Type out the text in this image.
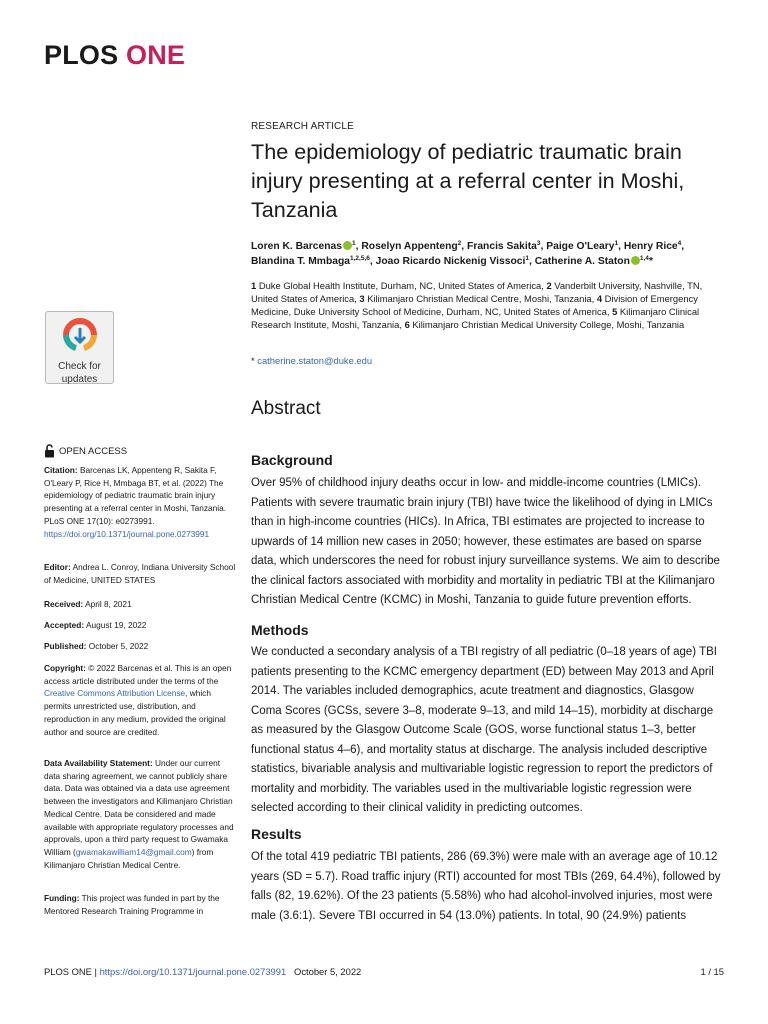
PLOS ONE
Check for
updates
OPEN ACCESS
Citation: Barcenas LK, Appenteng R, Sakita F, O'Leary P, Rice H, Mmbaga BT, et al. (2022) The epidemiology of pediatric traumatic brain injury presenting at a referral center in Moshi, Tanzania. PLoS ONE 17(10): e0273991. https://doi.org/10.1371/journal.pone.0273991
Editor: Andrea L. Conroy, Indiana University School of Medicine, UNITED STATES
Received: April 8, 2021
Accepted: August 19, 2022
Published: October 5, 2022
Copyright: © 2022 Barcenas et al. This is an open access article distributed under the terms of the Creative Commons Attribution License, which permits unrestricted use, distribution, and reproduction in any medium, provided the original author and source are credited.
Data Availability Statement: Under our current data sharing agreement, we cannot publicly share data. Data was obtained via a data use agreement between the investigators and Kilimanjaro Christian Medical Centre. Data be considered and made available with appropriate regulatory processes and approvals, upon a third party request to Gwamaka William (gwamakawilliam14@gmail.com) from Kilimanjaro Christian Medical Centre.
Funding: This project was funded in part by the Mentored Research Training Programme in
RESEARCH ARTICLE
The epidemiology of pediatric traumatic brain injury presenting at a referral center in Moshi, Tanzania
Loren K. Barcenas $^1$, Roselyn Appenteng$^2$, Francis Sakita$^3$, Paige O'Leary$^1$, Henry Rice$^4$, Blandina T. Mmbaga$^{1,2,5,6}$, Joao Ricardo Nickenig Vissoci$^1$, Catherine A. Staton $^{1,4}$*
1 Duke Global Health Institute, Durham, NC, United States of America, 2 Vanderbilt University, Nashville, TN, United States of America, 3 Kilimanjaro Christian Medical Centre, Moshi, Tanzania, 4 Division of Emergency Medicine, Duke University School of Medicine, Durham, NC, United States of America, 5 Kilimanjaro Clinical Research Institute, Moshi, Tanzania, 6 Kilimanjaro Christian Medical University College, Moshi, Tanzania
* catherine.staton@duke.edu
Abstract
Background
Over 95% of childhood injury deaths occur in low- and middle-income countries (LMICs). Patients with severe traumatic brain injury (TBI) have twice the likelihood of dying in LMICs than in high-income countries (HICs). In Africa, TBI estimates are projected to increase to upwards of 14 million new cases in 2050; however, these estimates are based on sparse data, which underscores the need for robust injury surveillance systems. We aim to describe the clinical factors associated with morbidity and mortality in pediatric TBI at the Kilimanjaro Christian Medical Centre (KCMC) in Moshi, Tanzania to guide future prevention efforts.
Methods
We conducted a secondary analysis of a TBI registry of all pediatric (0–18 years of age) TBI patients presenting to the KCMC emergency department (ED) between May 2013 and April 2014. The variables included demographics, acute treatment and diagnostics, Glasgow Coma Scores (GCSs, severe 3–8, moderate 9–13, and mild 14–15), morbidity at discharge as measured by the Glasgow Outcome Scale (GOS, worse functional status 1–3, better functional status 4–6), and mortality status at discharge. The analysis included descriptive statistics, bivariable analysis and multivariable logistic regression to report the predictors of mortality and morbidity. The variables used in the multivariable logistic regression were selected according to their clinical validity in predicting outcomes.
Results
Of the total 419 pediatric TBI patients, 286 (69.3%) were male with an average age of 10.12 years (SD = 5.7). Road traffic injury (RTI) accounted for most TBIs (269, 64.4%), followed by falls (82, 19.62%). Of the 23 patients (5.58%) who had alcohol-involved injuries, most were male (3.6:1). Severe TBI occurred in 54 (13.0%) patients. In total, 90 (24.9%) patients
PLOS ONE | https://doi.org/10.1371/journal.pone.0273991 October 5, 2022	1 / 15
